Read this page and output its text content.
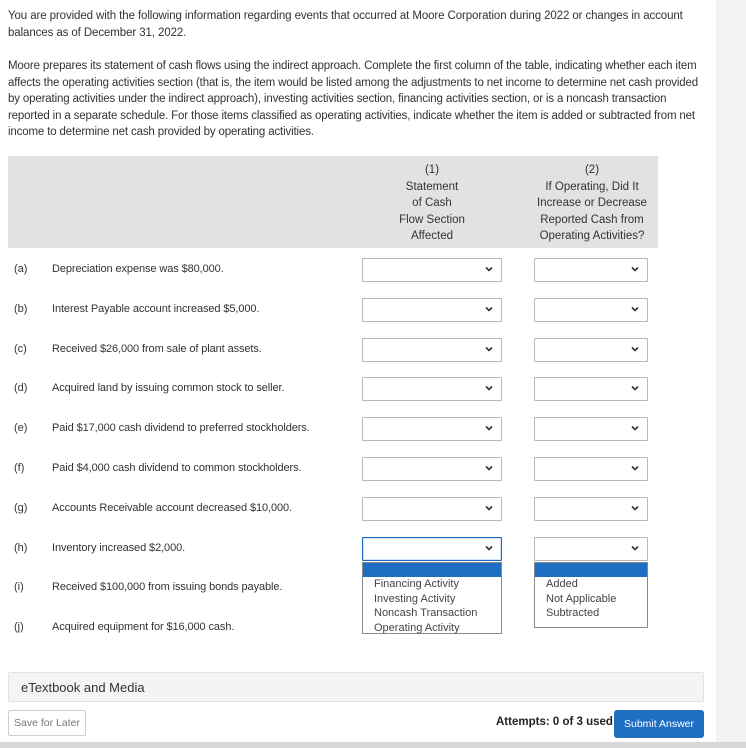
You are provided with the following information regarding events that occurred at Moore Corporation during 2022 or changes in account balances as of December 31, 2022.

Moore prepares its statement of cash flows using the indirect approach. Complete the first column of the table, indicating whether each item affects the operating activities section (that is, the item would be listed among the adjustments to net income to determine net cash provided by operating activities under the indirect approach), investing activities section, financing activities section, or is a noncash transaction reported in a separate schedule. For those items classified as operating activities, indicate whether the item is added or subtracted from net income to determine net cash provided by operating activities.

(1)
Statement
of Cash
Flow Section
Affected
(2)
If Operating, Did It
Increase or Decrease
Reported Cash from
Operating Activities?
(a) Depreciation expense was $80,000.
(b) Interest Payable account increased $5,000.
(c) Received $26,000 from sale of plant assets.
(d) Acquired land by issuing common stock to seller.
(e) Paid $17,000 cash dividend to preferred stockholders.
(f)	Paid $4,000 cash dividend to common stockholders.
(g) Accounts Receivable account decreased $10,000.
(h) Inventory increased $2,000.
(i)	Received $100,000 from issuing bonds payable.
(j)	Acquired equipment for $16,000 cash.
Financing Activity
Investing Activity
Noncash Transaction
Operating Activity
Added
Not Applicable
Subtracted
eTextbook and Media
Save for Later	Attempts: 0 of 3 used	Submit Answer
